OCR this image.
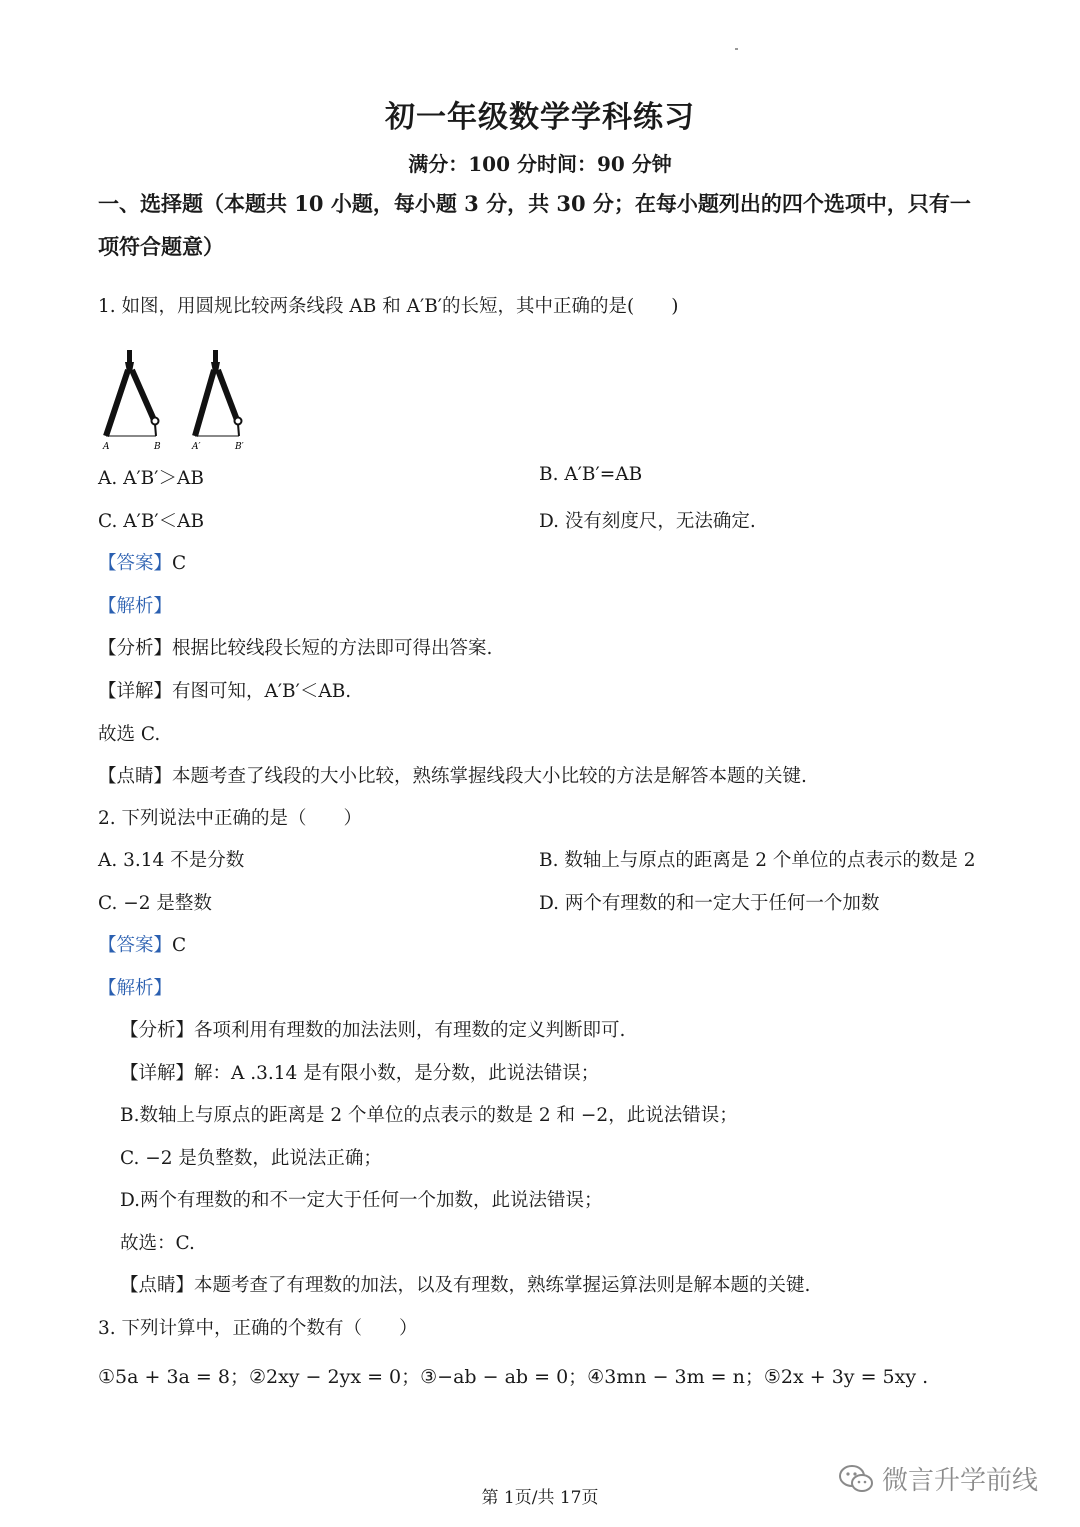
初一年级数学学科练习
满分：100 分时间：90 分钟
一、选择题（本题共 10 小题，每小题 3 分，共 30 分；在每小题列出的四个选项中，只有一
项符合题意）
1. 如图，用圆规比较两条线段 AB 和 A′B′的长短，其中正确的是(　　)
A	B	A′	B′
A. A′B′＞AB	B. A′B′=AB
C. A′B′＜AB	D. 没有刻度尺，无法确定.
【答案】C
【解析】
【分析】根据比较线段长短的方法即可得出答案.
【详解】有图可知，A′B′＜AB.
故选 C.
【点睛】本题考查了线段的大小比较，熟练掌握线段大小比较的方法是解答本题的关键.
2. 下列说法中正确的是（　　）
A. 3.14 不是分数	B. 数轴上与原点的距离是 2 个单位的点表示的数是 2
C. −2 是整数	D. 两个有理数的和一定大于任何一个加数
【答案】C
【解析】
【分析】各项利用有理数的加法法则，有理数的定义判断即可.
【详解】解：A .3.14 是有限小数，是分数，此说法错误；
B.数轴上与原点的距离是 2 个单位的点表示的数是 2 和 −2，此说法错误；
C. −2 是负整数，此说法正确；
D.两个有理数的和不一定大于任何一个加数，此说法错误；
故选：C.
【点睛】本题考查了有理数的加法，以及有理数，熟练掌握运算法则是解本题的关键.
3. 下列计算中，正确的个数有（　　）
①5a + 3a = 8；②2xy − 2yx = 0；③−ab − ab = 0；④3mn − 3m = n；⑤2x + 3y = 5xy .
第 1页/共 17页
微言升学前线
